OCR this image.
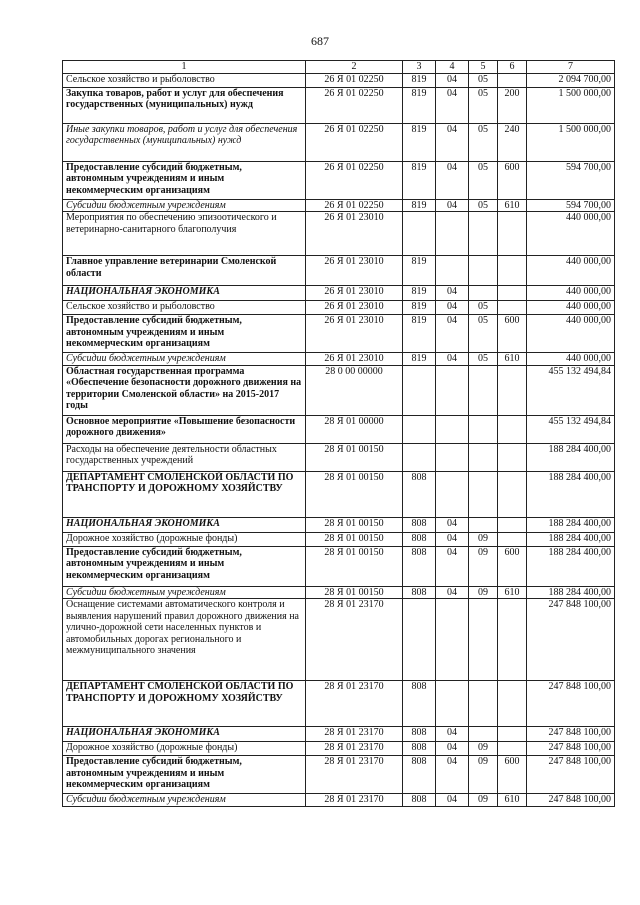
687
1	2	3	4	5	6	7
Сельское хозяйство и рыболовство	26 Я 01 02250	819	04	05		2 094 700,00
Закупка товаров, работ и услуг для обеспечения государственных (муниципальных) нужд	26 Я 01 02250	819	04	05	200	1 500 000,00
Иные закупки товаров, работ и услуг для обеспечения государственных (муниципальных) нужд	26 Я 01 02250	819	04	05	240	1 500 000,00
Предоставление субсидий бюджетным, автономным учреждениям и иным некоммерческим организациям	26 Я 01 02250	819	04	05	600	594 700,00
Субсидии бюджетным учреждениям	26 Я 01 02250	819	04	05	610	594 700,00
Мероприятия по обеспечению эпизоотического и ветеринарно-санитарного благополучия	26 Я 01 23010					440 000,00
Главное управление ветеринарии Смоленской области	26 Я 01 23010	819				440 000,00
НАЦИОНАЛЬНАЯ ЭКОНОМИКА	26 Я 01 23010	819	04			440 000,00
Сельское хозяйство и рыболовство	26 Я 01 23010	819	04	05		440 000,00
Предоставление субсидий бюджетным, автономным учреждениям и иным некоммерческим организациям	26 Я 01 23010	819	04	05	600	440 000,00
Субсидии бюджетным учреждениям	26 Я 01 23010	819	04	05	610	440 000,00
Областная государственная программа «Обеспечение безопасности дорожного движения на территории Смоленской области» на 2015-2017 годы	28 0 00 00000					455 132 494,84
Основное мероприятие «Повышение безопасности дорожного движения»	28 Я 01 00000					455 132 494,84
Расходы на обеспечение деятельности областных государственных учреждений	28 Я 01 00150					188 284 400,00
ДЕПАРТАМЕНТ СМОЛЕНСКОЙ ОБЛАСТИ ПО ТРАНСПОРТУ И ДОРОЖНОМУ ХОЗЯЙСТВУ	28 Я 01 00150	808				188 284 400,00
НАЦИОНАЛЬНАЯ ЭКОНОМИКА	28 Я 01 00150	808	04			188 284 400,00
Дорожное хозяйство (дорожные фонды)	28 Я 01 00150	808	04	09		188 284 400,00
Предоставление субсидий бюджетным, автономным учреждениям и иным некоммерческим организациям	28 Я 01 00150	808	04	09	600	188 284 400,00
Субсидии бюджетным учреждениям	28 Я 01 00150	808	04	09	610	188 284 400,00
Оснащение системами автоматического контроля и выявления нарушений правил дорожного движения на улично-дорожной сети населенных пунктов и автомобильных дорогах регионального и межмуниципального значения	28 Я 01 23170					247 848 100,00
ДЕПАРТАМЕНТ СМОЛЕНСКОЙ ОБЛАСТИ ПО ТРАНСПОРТУ И ДОРОЖНОМУ ХОЗЯЙСТВУ	28 Я 01 23170	808				247 848 100,00
НАЦИОНАЛЬНАЯ ЭКОНОМИКА	28 Я 01 23170	808	04			247 848 100,00
Дорожное хозяйство (дорожные фонды)	28 Я 01 23170	808	04	09		247 848 100,00
Предоставление субсидий бюджетным, автономным учреждениям и иным некоммерческим организациям	28 Я 01 23170	808	04	09	600	247 848 100,00
Субсидии бюджетным учреждениям	28 Я 01 23170	808	04	09	610	247 848 100,00
